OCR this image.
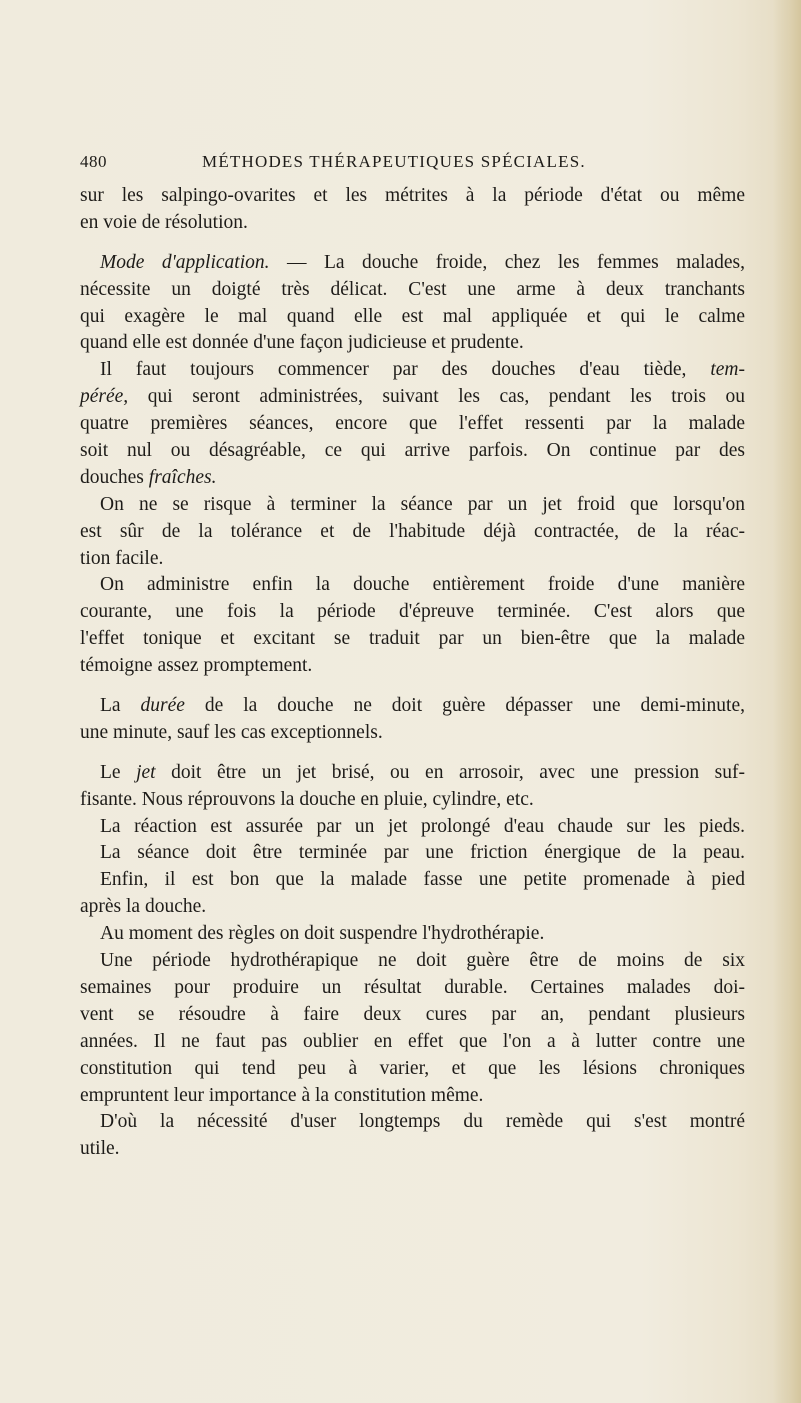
480	MÉTHODES THÉRAPEUTIQUES SPÉCIALES.
sur les salpingo-ovarites et les métrites à la période d'état ou même
en voie de résolution.
Mode d'application. — La douche froide, chez les femmes malades,
nécessite un doigté très délicat. C'est une arme à deux tranchants
qui exagère le mal quand elle est mal appliquée et qui le calme
quand elle est donnée d'une façon judicieuse et prudente.
Il faut toujours commencer par des douches d'eau tiède, tem-
pérée, qui seront administrées, suivant les cas, pendant les trois ou
quatre premières séances, encore que l'effet ressenti par la malade
soit nul ou désagréable, ce qui arrive parfois. On continue par des
douches fraîches.
On ne se risque à terminer la séance par un jet froid que lorsqu'on
est sûr de la tolérance et de l'habitude déjà contractée, de la réac-
tion facile.
On administre enfin la douche entièrement froide d'une manière
courante, une fois la période d'épreuve terminée. C'est alors que
l'effet tonique et excitant se traduit par un bien-être que la malade
témoigne assez promptement.
La durée de la douche ne doit guère dépasser une demi-minute,
une minute, sauf les cas exceptionnels.
Le jet doit être un jet brisé, ou en arrosoir, avec une pression suf-
fisante. Nous réprouvons la douche en pluie, cylindre, etc.
La réaction est assurée par un jet prolongé d'eau chaude sur les pieds.
La séance doit être terminée par une friction énergique de la peau.
Enfin, il est bon que la malade fasse une petite promenade à pied
après la douche.
Au moment des règles on doit suspendre l'hydrothérapie.
Une période hydrothérapique ne doit guère être de moins de six
semaines pour produire un résultat durable. Certaines malades doi-
vent se résoudre à faire deux cures par an, pendant plusieurs
années. Il ne faut pas oublier en effet que l'on a à lutter contre une
constitution qui tend peu à varier, et que les lésions chroniques
empruntent leur importance à la constitution même.
D'où la nécessité d'user longtemps du remède qui s'est montré
utile.
